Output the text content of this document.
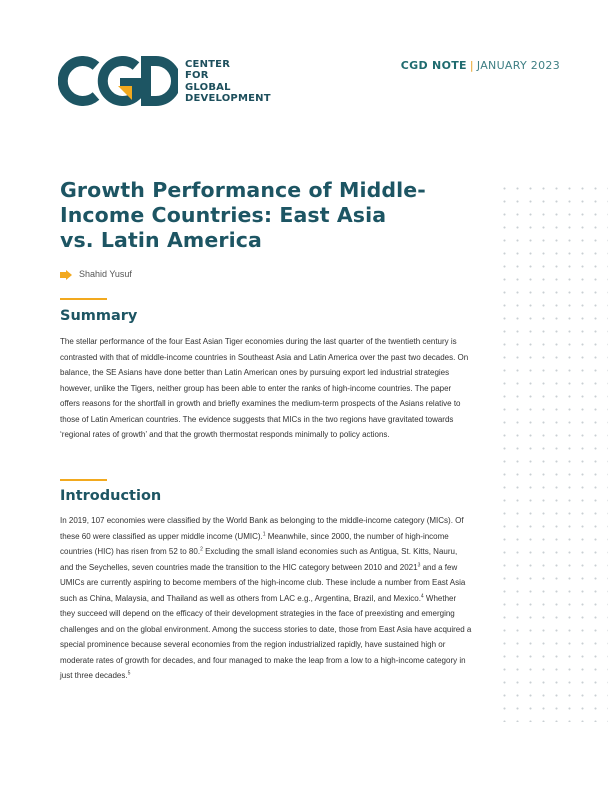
CENTER
FOR
GLOBAL
DEVELOPMENT
CGD NOTE | JANUARY 2023
Growth Performance of Middle-
Income Countries: East Asia
vs. Latin America
Shahid Yusuf
Summary

The stellar performance of the four East Asian Tiger economies during the last quarter of the twentieth century is contrasted with that of middle-income countries in Southeast Asia and Latin America over the past two decades. On balance, the SE Asians have done better than Latin American ones by pursuing export led industrial strategies however, unlike the Tigers, neither group has been able to enter the ranks of high-income countries. The paper offers reasons for the shortfall in growth and briefly examines the medium-term prospects of the Asians relative to those of Latin American countries. The evidence suggests that MICs in the two regions have gravitated towards ‘regional rates of growth’ and that the growth thermostat responds minimally to policy actions.

Introduction

In 2019, 107 economies were classified by the World Bank as belonging to the middle-income category (MICs). Of these 60 were classified as upper middle income (UMIC).$^1$ Meanwhile, since 2000, the number of high-income countries (HIC) has risen from 52 to 80.$^2$ Excluding the small island economies such as Antigua, St. Kitts, Nauru, and the Seychelles, seven countries made the transition to the HIC category between 2010 and 2021$^3$ and a few UMICs are currently aspiring to become members of the high-income club. These include a number from East Asia such as China, Malaysia, and Thailand as well as others from LAC e.g., Argentina, Brazil, and Mexico.$^4$ Whether they succeed will depend on the efficacy of their development strategies in the face of preexisting and emerging challenges and on the global environment. Among the success stories to date, those from East Asia have acquired a special prominence because several economies from the region industrialized rapidly, have sustained high or moderate rates of growth for decades, and four managed to make the leap from a low to a high-income category in just three decades.$^5$
